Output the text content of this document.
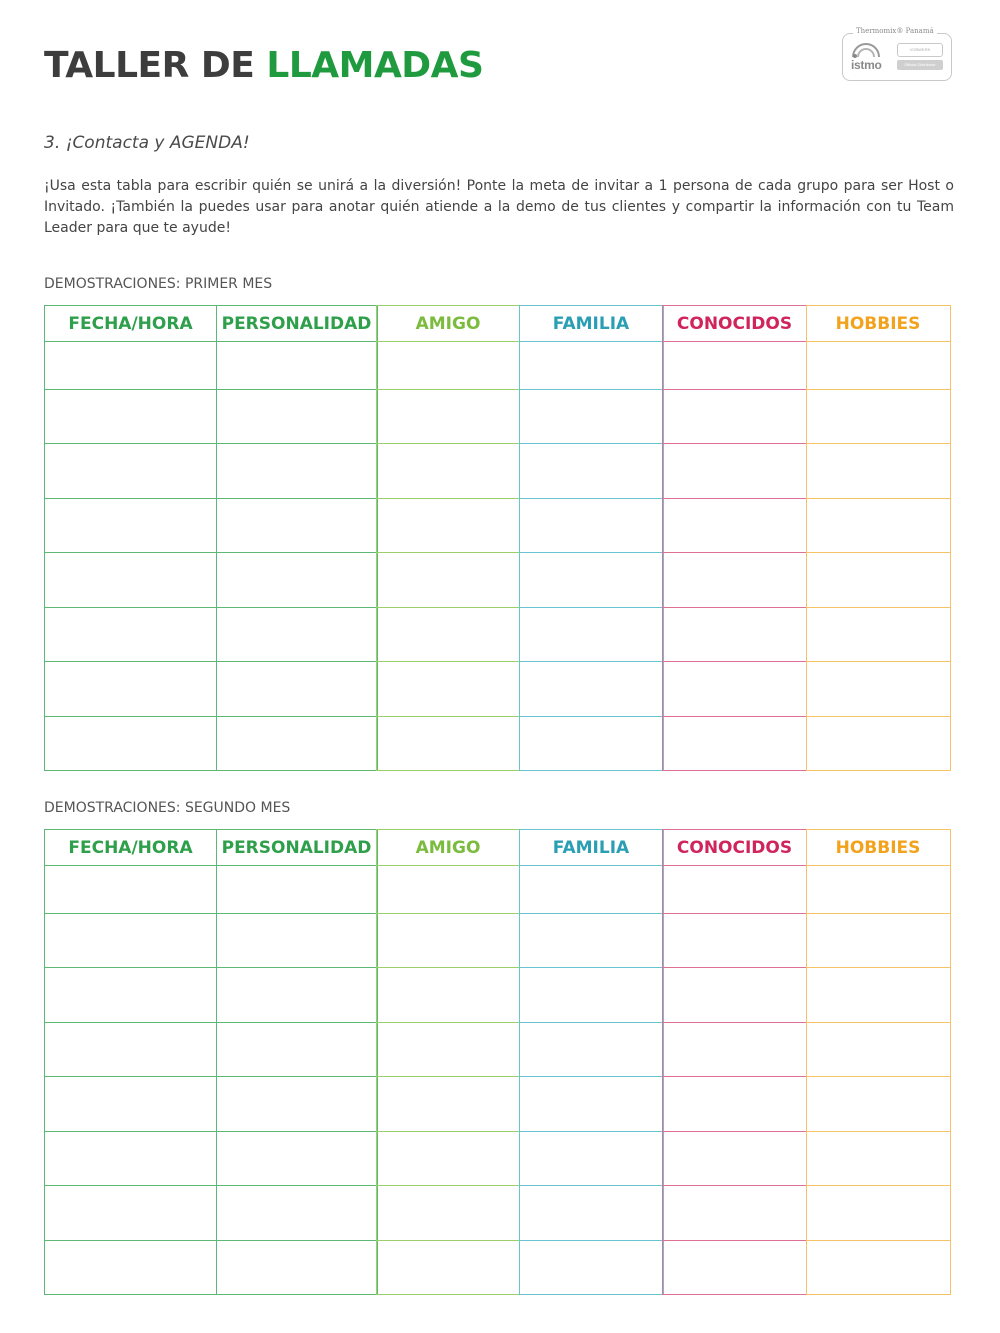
TALLER DE LLAMADAS
Thermomix® Panamá
istmo
VORWERK
Official Distributor

3. ¡Contacta y AGENDA!

¡Usa esta tabla para escribir quién se unirá a la diversión! Ponte la meta de invitar a 1 persona de cada grupo para ser Host o Invitado. ¡También la puedes usar para anotar quién atiende a la demo de tus clientes y compartir la información con tu Team Leader para que te ayude!

DEMOSTRACIONES: PRIMER MES

FECHA/HORA	PERSONALIDAD	AMIGO	FAMILIA	CONOCIDOS	HOBBIES

DEMOSTRACIONES: SEGUNDO MES

FECHA/HORA	PERSONALIDAD	AMIGO	FAMILIA	CONOCIDOS	HOBBIES
